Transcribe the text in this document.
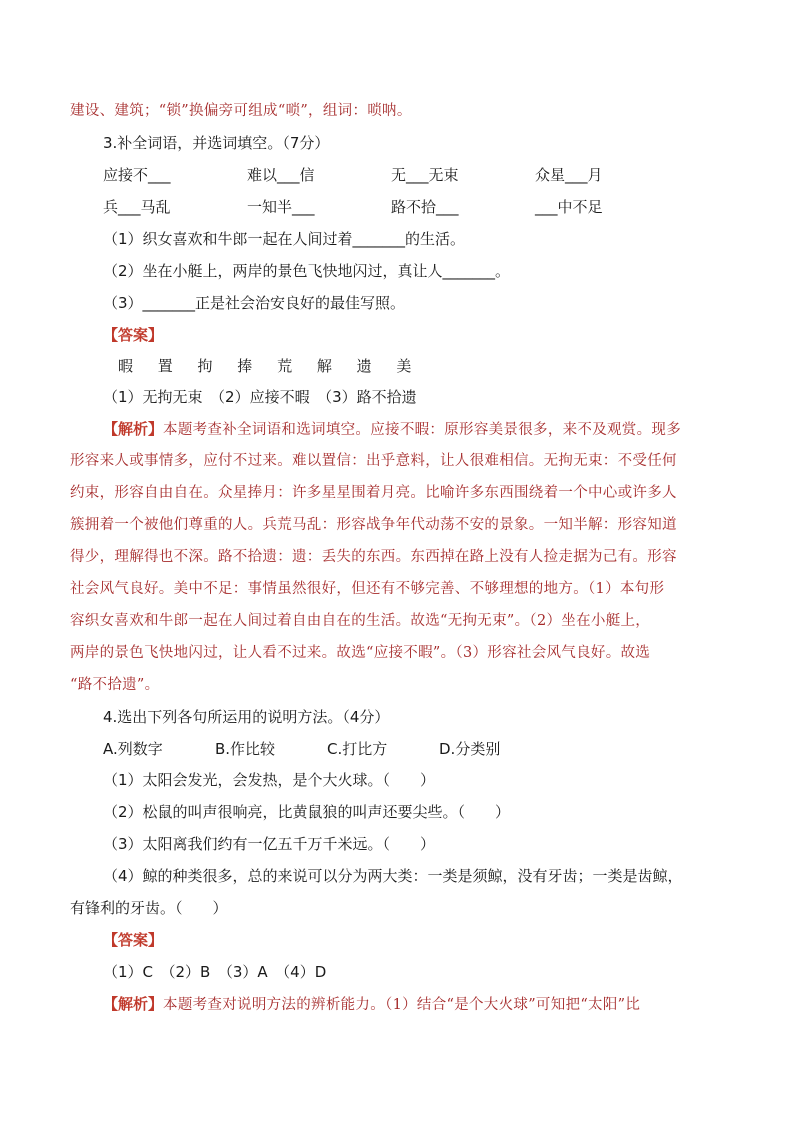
建设、建筑；“锁”换偏旁可组成“唢”，组词：唢呐。
3.补全词语，并选词填空。（7分）
应接不___	难以___信	无___无束	众星___月
兵___马乱	一知半___	路不拾___	___中不足
（1）织女喜欢和牛郎一起在人间过着_______的生活。
（2）坐在小艇上，两岸的景色飞快地闪过，真让人_______。
（3）_______正是社会治安良好的最佳写照。
【答案】
暇 置 拘 捧 荒 解 遗 美
（1）无拘无束　（2）应接不暇　（3）路不拾遗
【解析】本题考查补全词语和选词填空。应接不暇：原形容美景很多，来不及观赏。现多
形容来人或事情多，应付不过来。难以置信：出乎意料，让人很难相信。无拘无束：不受任何
约束，形容自由自在。众星捧月：许多星星围着月亮。比喻许多东西围绕着一个中心或许多人
簇拥着一个被他们尊重的人。兵荒马乱：形容战争年代动荡不安的景象。一知半解：形容知道
得少，理解得也不深。路不拾遗：遗：丢失的东西。东西掉在路上没有人捡走据为己有。形容
社会风气良好。美中不足：事情虽然很好，但还有不够完善、不够理想的地方。（1）本句形
容织女喜欢和牛郎一起在人间过着自由自在的生活。故选“无拘无束”。（2）坐在小艇上，
两岸的景色飞快地闪过，让人看不过来。故选“应接不暇”。（3）形容社会风气良好。故选
“路不拾遗”。
4.选出下列各句所运用的说明方法。（4分）
A.列数字	B.作比较	C.打比方	D.分类别
（1）太阳会发光，会发热，是个大火球。（　　）
（2）松鼠的叫声很响亮，比黄鼠狼的叫声还要尖些。（　　）
（3）太阳离我们约有一亿五千万千米远。（　　）
（4）鲸的种类很多，总的来说可以分为两大类：一类是须鲸，没有牙齿；一类是齿鲸，
有锋利的牙齿。（　　）
【答案】
（1）C　（2）B　（3）A　（4）D
【解析】本题考查对说明方法的辨析能力。（1）结合“是个大火球”可知把“太阳”比
